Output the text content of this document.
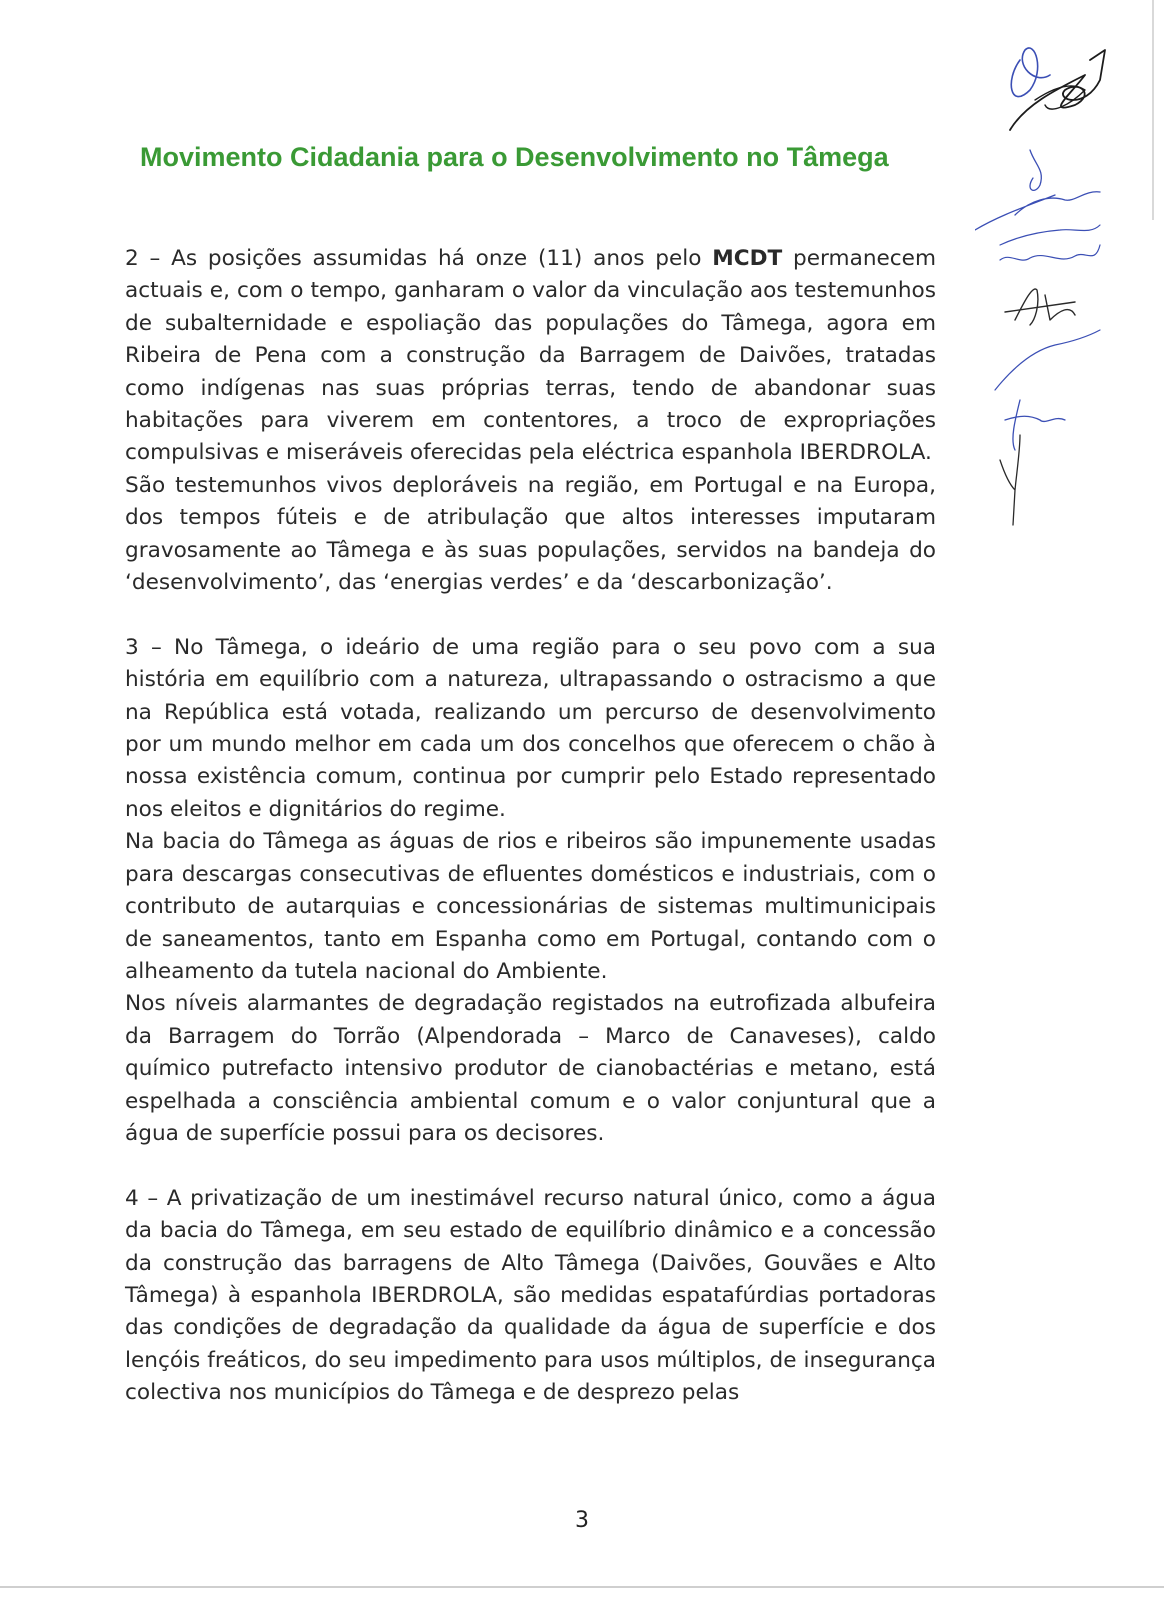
Movimento Cidadania para o Desenvolvimento no Tâmega

2 – As posições assumidas há onze (11) anos pelo MCDT permanecem actuais e, com o tempo, ganharam o valor da vinculação aos testemunhos de subalternidade e espoliação das populações do Tâmega, agora em Ribeira de Pena com a construção da Barragem de Daivões, tratadas como indígenas nas suas próprias terras, tendo de abandonar suas habitações para viverem em contentores, a troco de expropriações compulsivas e miseráveis oferecidas pela eléctrica espanhola IBERDROLA.

São testemunhos vivos deploráveis na região, em Portugal e na Europa, dos tempos fúteis e de atribulação que altos interesses imputaram gravosamente ao Tâmega e às suas populações, servidos na bandeja do ‘desenvolvimento’, das ‘energias verdes’ e da ‘descarbonização’.

3 – No Tâmega, o ideário de uma região para o seu povo com a sua história em equilíbrio com a natureza, ultrapassando o ostracismo a que na República está votada, realizando um percurso de desenvolvimento por um mundo melhor em cada um dos concelhos que oferecem o chão à nossa existência comum, continua por cumprir pelo Estado representado nos eleitos e dignitários do regime.

Na bacia do Tâmega as águas de rios e ribeiros são impunemente usadas para descargas consecutivas de efluentes domésticos e industriais, com o contributo de autarquias e concessionárias de sistemas multimunicipais de saneamentos, tanto em Espanha como em Portugal, contando com o alheamento da tutela nacional do Ambiente.

Nos níveis alarmantes de degradação registados na eutrofizada albufeira da Barragem do Torrão (Alpendorada – Marco de Canaveses), caldo químico putrefacto intensivo produtor de cianobactérias e metano, está espelhada a consciência ambiental comum e o valor conjuntural que a água de superfície possui para os decisores.

4 – A privatização de um inestimável recurso natural único, como a água da bacia do Tâmega, em seu estado de equilíbrio dinâmico e a concessão da construção das barragens de Alto Tâmega (Daivões, Gouvães e Alto Tâmega) à espanhola IBERDROLA, são medidas espatafúrdias portadoras das condições de degradação da qualidade da água de superfície e dos lençóis freáticos, do seu impedimento para usos múltiplos, de insegurança colectiva nos municípios do Tâmega e de desprezo pelas

3
